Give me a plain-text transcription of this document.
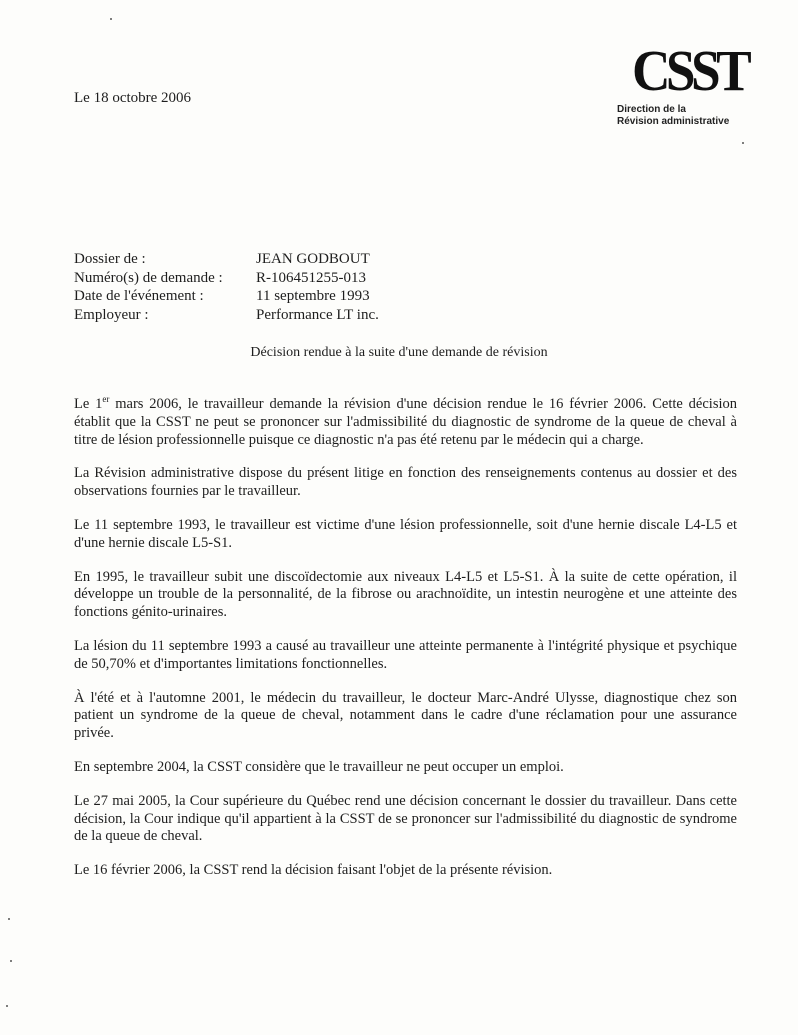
Le 18 octobre 2006	CSST
Direction de la
Révision administrative
Dossier de :	JEAN GODBOUT
Numéro(s) de demande :	R-106451255-013
Date de l'événement :	11 septembre 1993
Employeur :	Performance LT inc.
Décision rendue à la suite d'une demande de révision

Le 1er mars 2006, le travailleur demande la révision d'une décision rendue le 16 février 2006. Cette décision établit que la CSST ne peut se prononcer sur l'admissibilité du diagnostic de syndrome de la queue de cheval à titre de lésion professionnelle puisque ce diagnostic n'a pas été retenu par le médecin qui a charge.

La Révision administrative dispose du présent litige en fonction des renseignements contenus au dossier et des observations fournies par le travailleur.

Le 11 septembre 1993, le travailleur est victime d'une lésion professionnelle, soit d'une hernie discale L4-L5 et d'une hernie discale L5-S1.

En 1995, le travailleur subit une discoïdectomie aux niveaux L4-L5 et L5-S1. À la suite de cette opération, il développe un trouble de la personnalité, de la fibrose ou arachnoïdite, un intestin neurogène et une atteinte des fonctions génito-urinaires.

La lésion du 11 septembre 1993 a causé au travailleur une atteinte permanente à l'intégrité physique et psychique de 50,70% et d'importantes limitations fonctionnelles.

À l'été et à l'automne 2001, le médecin du travailleur, le docteur Marc-André Ulysse, diagnostique chez son patient un syndrome de la queue de cheval, notamment dans le cadre d'une réclamation pour une assurance privée.

En septembre 2004, la CSST considère que le travailleur ne peut occuper un emploi.

Le 27 mai 2005, la Cour supérieure du Québec rend une décision concernant le dossier du travailleur. Dans cette décision, la Cour indique qu'il appartient à la CSST de se prononcer sur l'admissibilité du diagnostic de syndrome de la queue de cheval.

Le 16 février 2006, la CSST rend la décision faisant l'objet de la présente révision.
